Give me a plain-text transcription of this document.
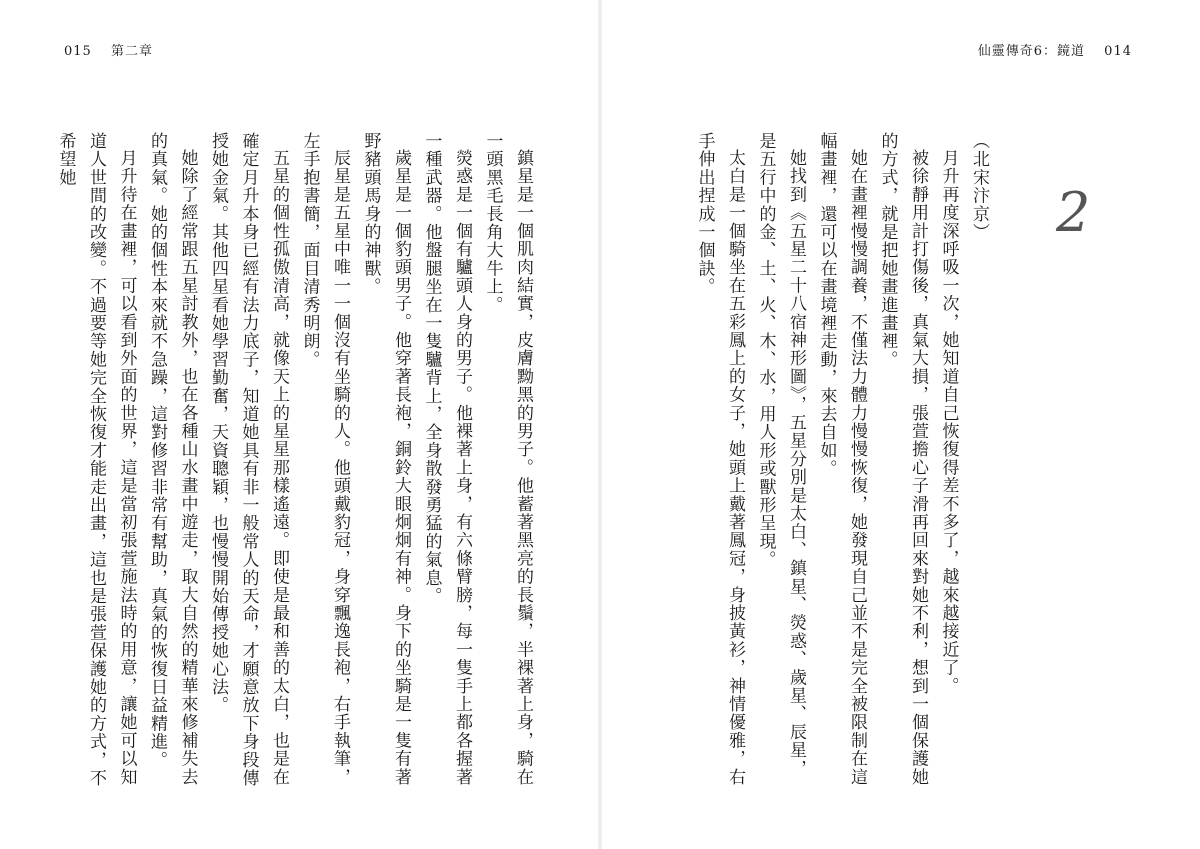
015 第二章	仙靈傳奇6：鏡道 014
2

（北宋汴京）

月升再度深呼吸一次，她知道自己恢復得差不多了，越來越接近了。

被徐靜用計打傷後，真氣大損，張萱擔心子滑再回來對她不利，想到一個保護她的方式，就是把她畫進畫裡。

她在畫裡慢慢調養，不僅法力體力慢慢恢復，她發現自己並不是完全被限制在這幅畫裡，還可以在畫境裡走動，來去自如。

她找到《五星二十八宿神形圖》，五星分別是太白、鎮星、熒惑、歲星、辰星，是五行中的金、土、火、木、水，用人形或獸形呈現。

太白是一個騎坐在五彩鳳上的女子，她頭上戴著鳳冠，身披黃衫，神情優雅，右手伸出捏成一個訣。

鎮星是一個肌肉結實，皮膚黝黑的男子。他蓄著黑亮的長鬚，半裸著上身，騎在一頭黑毛長角大牛上。

熒惑是一個有驢頭人身的男子。他裸著上身，有六條臂膀，每一隻手上都各握著一種武器。他盤腿坐在一隻驢背上，全身散發勇猛的氣息。

歲星是一個豹頭男子。他穿著長袍，銅鈴大眼炯炯有神。身下的坐騎是一隻有著野豬頭馬身的神獸。

辰星是五星中唯一一個沒有坐騎的人。他頭戴豹冠，身穿飄逸長袍，右手執筆，左手抱書簡，面目清秀明朗。

五星的個性孤傲清高，就像天上的星星那樣遙遠。即使是最和善的太白，也是在確定月升本身已經有法力底子，知道她具有非一般常人的天命，才願意放下身段傳授她金氣。其他四星看她學習勤奮，天資聰穎，也慢慢開始傳授她心法。

她除了經常跟五星討教外，也在各種山水畫中遊走，取大自然的精華來修補失去的真氣。她的個性本來就不急躁，這對修習非常有幫助，真氣的恢復日益精進。

月升待在畫裡，可以看到外面的世界，這是當初張萱施法時的用意，讓她可以知道人世間的改變。不過要等她完全恢復才能走出畫，這也是張萱保護她的方式，不希望她
